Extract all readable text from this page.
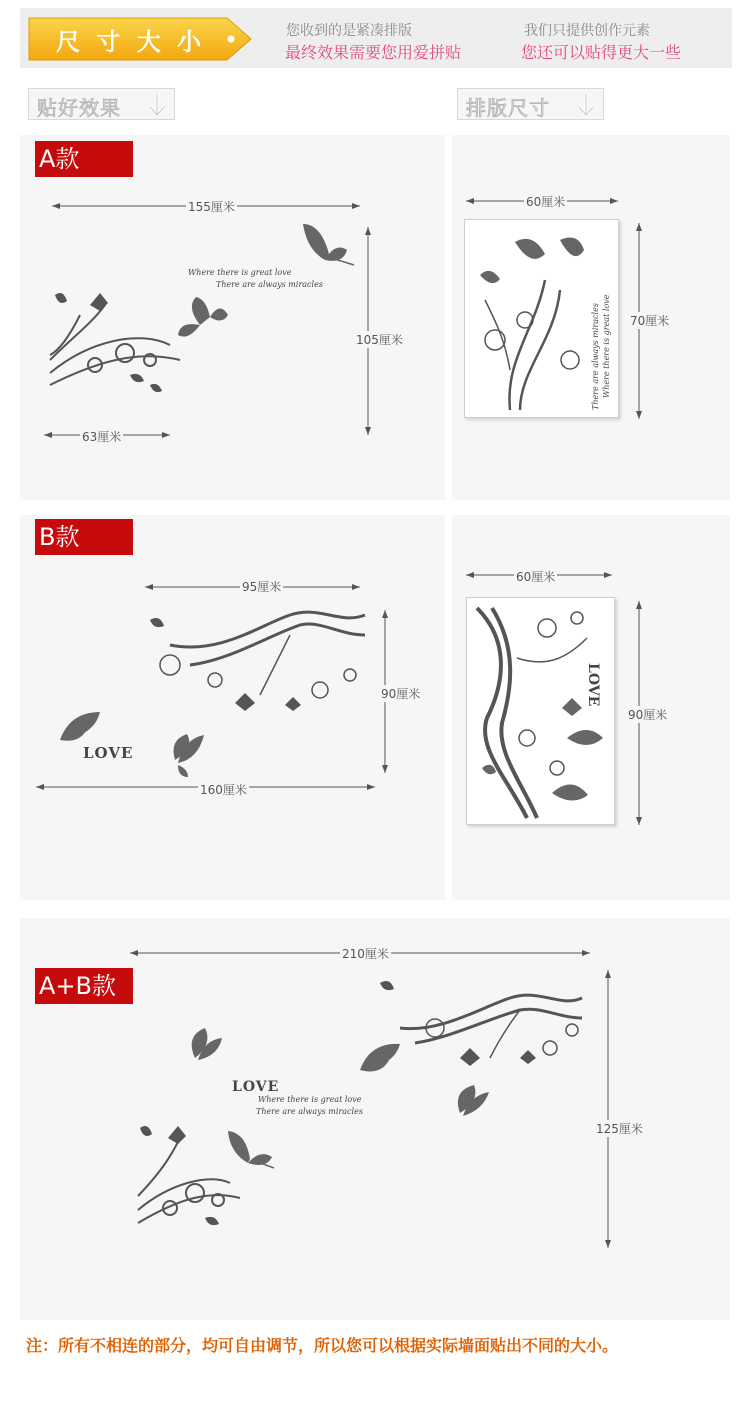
尺 寸 大 小	您收到的是紧凑排版
最终效果需要您用爱拼贴
我们只提供创作元素
您还可以贴得更大一些
贴好效果	排版尺寸
A款
Where there is great love
There are always miracles
155厘米
105厘米
63厘米
There are always miracles Where there is great love
60厘米
70厘米
B款
LOVE
95厘米
90厘米
160厘米
LOVE
60厘米
90厘米
A+B款
LOVE
Where there is great love
There are always miracles
210厘米
125厘米
注：所有不相连的部分，均可自由调节，所以您可以根据实际墙面贴出不同的大小。
